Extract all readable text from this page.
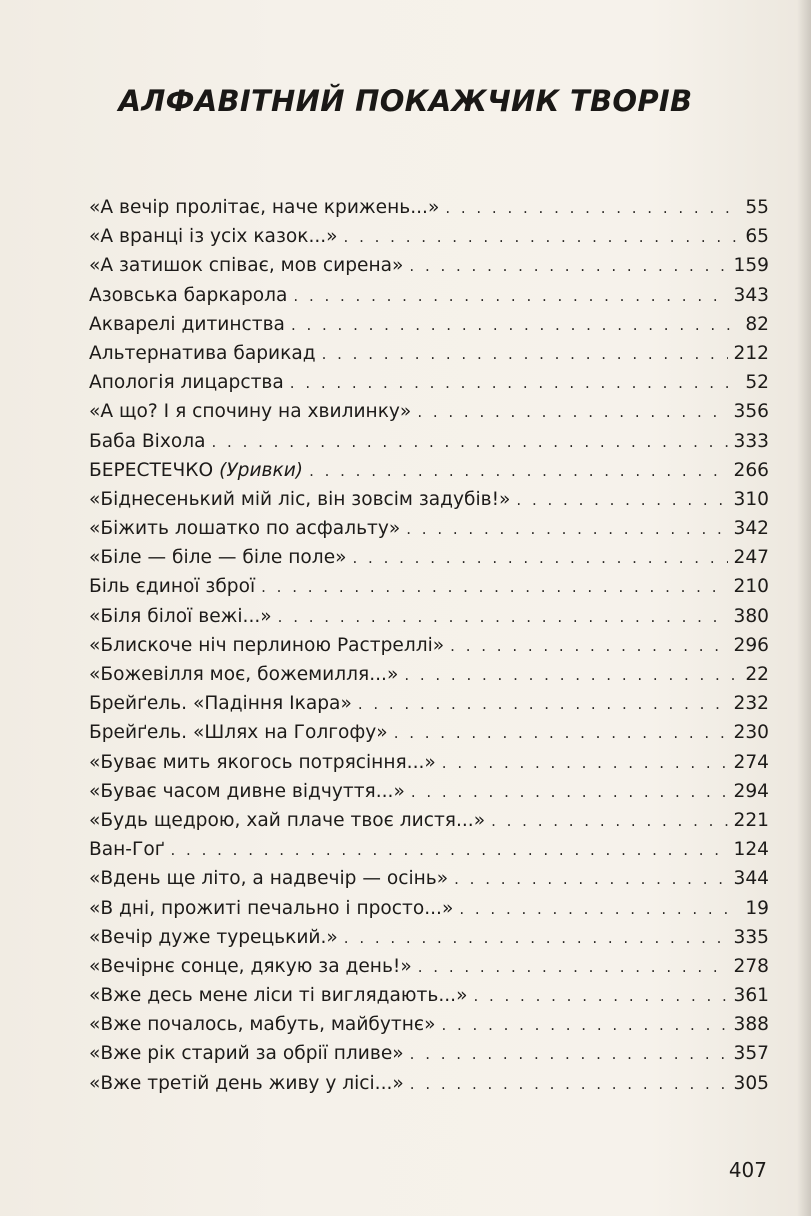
АЛФАВІТНИЙ ПОКАЖЧИК ТВОРІВ
«А вечір пролітає, наче крижень...» . . .	55
«А вранці із усіх казок...» . . .	65
«А затишок співає, мов сирена» . . .	159
Азовська баркарола . . .	343
Акварелі дитинства . . .	82
Альтернатива барикад . . .	212
Апологія лицарства . . .	52
«А що? І я спочину на хвилинку» . . .	356
Баба Віхола . . .	333
БЕРЕСТЕЧКО (Уривки) . . .	266
«Біднесенький мій ліс, він зовсім задубів!» . . .	310
«Біжить лошатко по асфальту» . . .	342
«Біле — біле — біле поле» . . .	247
Біль єдиної зброї . . .	210
«Біля білої вежі...» . . .	380
«Блискоче ніч перлиною Растреллі» . . .	296
«Божевілля моє, божемилля...» . . .	22
Брейґель. «Падіння Ікара» . . .	232
Брейґель. «Шлях на Голгофу» . . .	230
«Буває мить якогось потрясіння...» . . .	274
«Буває часом дивне відчуття...» . . .	294
«Будь щедрою, хай плаче твоє листя...» . . .	221
Ван-Гоґ . . .	124
«Вдень ще літо, а надвечір — осінь» . . .	344
«В дні, прожиті печально і просто...» . . .	19
«Вечір дуже турецький.» . . .	335
«Вечірнє сонце, дякую за день!» . . .	278
«Вже десь мене ліси ті виглядають...» . . .	361
«Вже почалось, мабуть, майбутнє» . . .	388
«Вже рік старий за обрії пливе» . . .	357
«Вже третій день живу у лісі...» . . .	305
407
